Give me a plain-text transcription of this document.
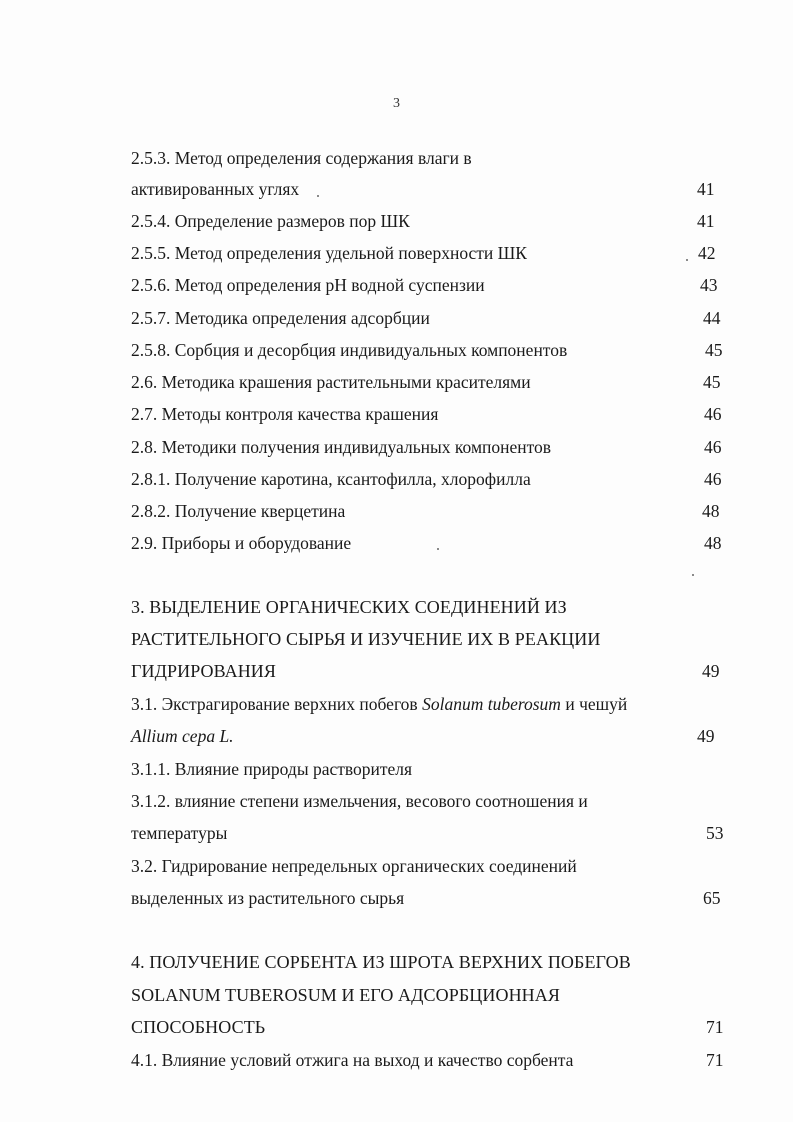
3
2.5.3. Метод определения содержания влаги в
активированных углях	41
2.5.4. Определение размеров пор ШК	41
2.5.5. Метод определения удельной поверхности ШК	42
2.5.6. Метод определения pH водной суспензии	43
2.5.7. Методика определения адсорбции	44
2.5.8. Сорбция и десорбция индивидуальных компонентов	45
2.6. Методика крашения растительными красителями	45
2.7. Методы контроля качества крашения	46
2.8. Методики получения индивидуальных компонентов	46
2.8.1. Получение каротина, ксантофилла, хлорофилла	46
2.8.2. Получение кверцетина	48
2.9. Приборы и оборудование	48
3. ВЫДЕЛЕНИЕ ОРГАНИЧЕСКИХ СОЕДИНЕНИЙ ИЗ
РАСТИТЕЛЬНОГО СЫРЬЯ И ИЗУЧЕНИЕ ИХ В РЕАКЦИИ
ГИДРИРОВАНИЯ	49
3.1. Экстрагирование верхних побегов Solanum tuberosum и чешуй
Allium cepa L.	49
3.1.1. Влияние природы растворителя
3.1.2. влияние степени измельчения, весового соотношения и
температуры	53
3.2. Гидрирование непредельных органических соединений
выделенных из растительного сырья	65
4. ПОЛУЧЕНИЕ СОРБЕНТА ИЗ ШРОТА ВЕРХНИХ ПОБЕГОВ
SOLANUM TUBEROSUM И ЕГО АДСОРБЦИОННАЯ
СПОСОБНОСТЬ	71
4.1. Влияние условий отжига на выход и качество сорбента	71
